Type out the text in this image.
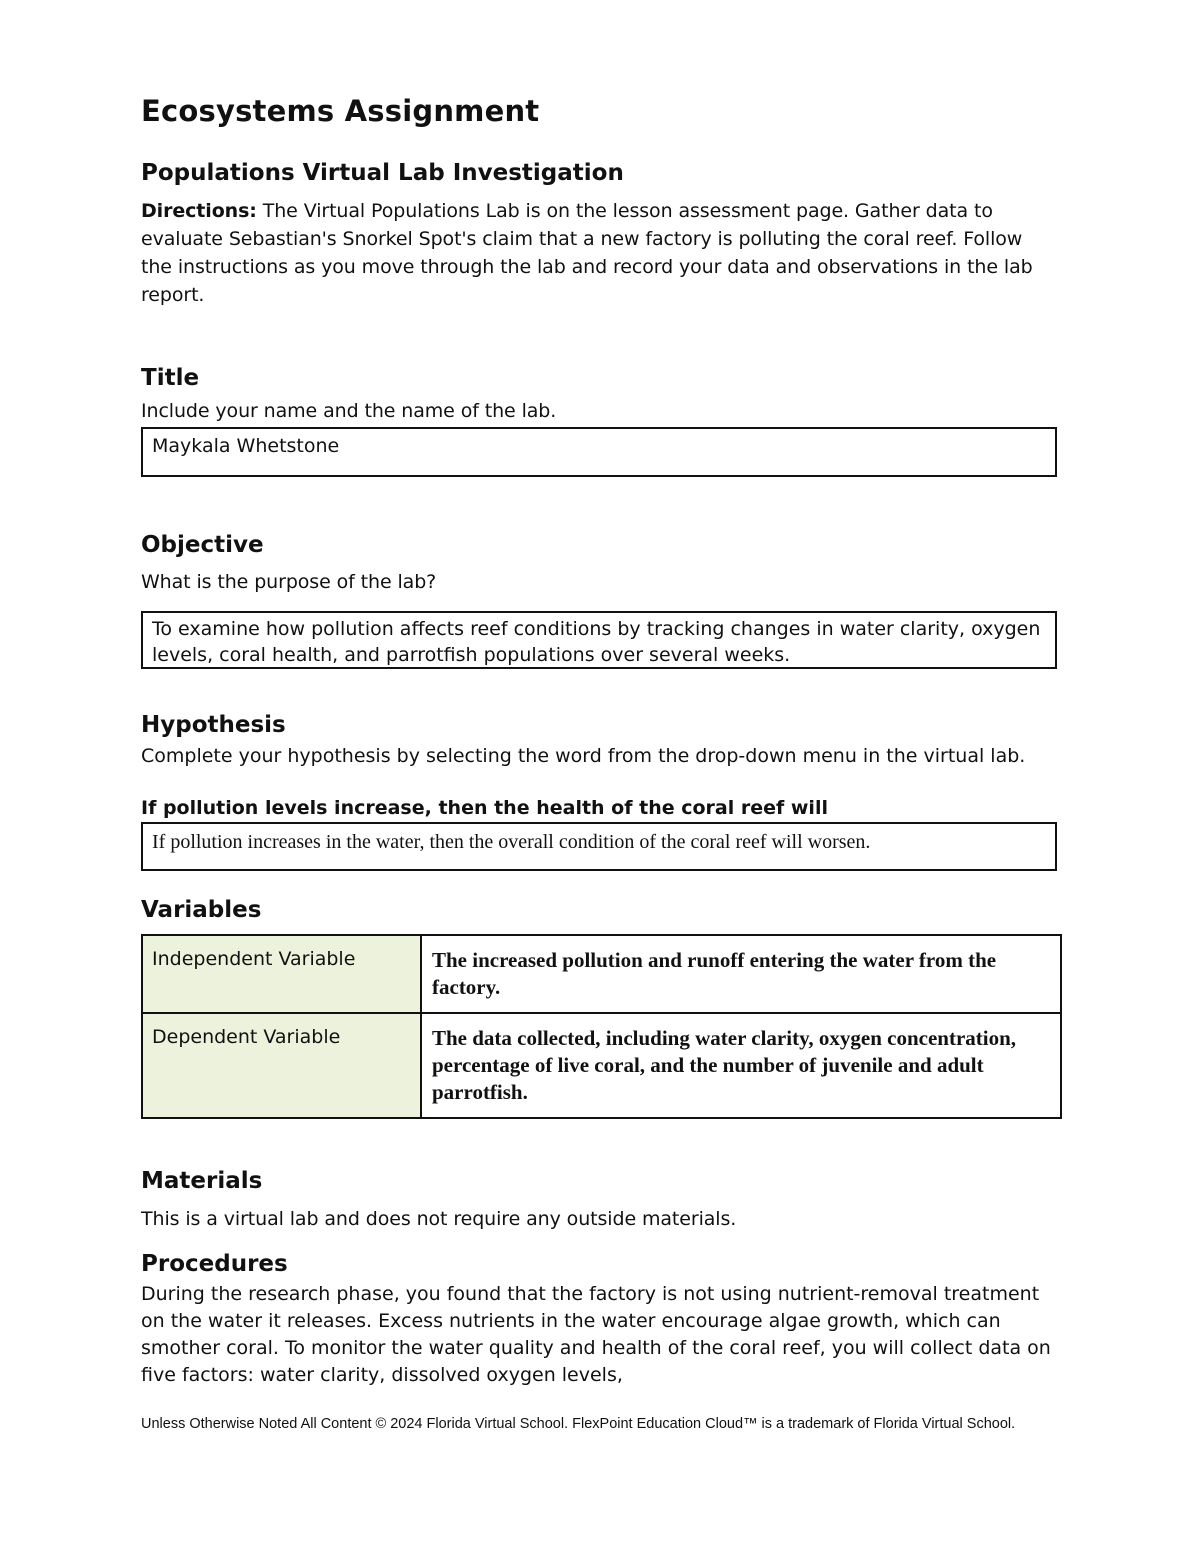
Ecosystems Assignment
Populations Virtual Lab Investigation
Directions: The Virtual Populations Lab is on the lesson assessment page. Gather data to evaluate Sebastian's Snorkel Spot's claim that a new factory is polluting the coral reef. Follow the instructions as you move through the lab and record your data and observations in the lab report.
Title
Include your name and the name of the lab.
Maykala Whetstone
Objective
What is the purpose of the lab?
To examine how pollution affects reef conditions by tracking changes in water clarity, oxygen levels, coral health, and parrotfish populations over several weeks.
Hypothesis
Complete your hypothesis by selecting the word from the drop-down menu in the virtual lab.
If pollution levels increase, then the health of the coral reef will
If pollution increases in the water, then the overall condition of the coral reef will worsen.
Variables
Independent Variable	The increased pollution and runoff entering the water from the factory.
Dependent Variable	The data collected, including water clarity, oxygen concentration, percentage of live coral, and the number of juvenile and adult parrotfish.
Materials
This is a virtual lab and does not require any outside materials.
Procedures
During the research phase, you found that the factory is not using nutrient-removal treatment on the water it releases. Excess nutrients in the water encourage algae growth, which can smother coral. To monitor the water quality and health of the coral reef, you will collect data on five factors: water clarity, dissolved oxygen levels,
Unless Otherwise Noted All Content © 2024 Florida Virtual School. FlexPoint Education Cloud™ is a trademark of Florida Virtual School.
